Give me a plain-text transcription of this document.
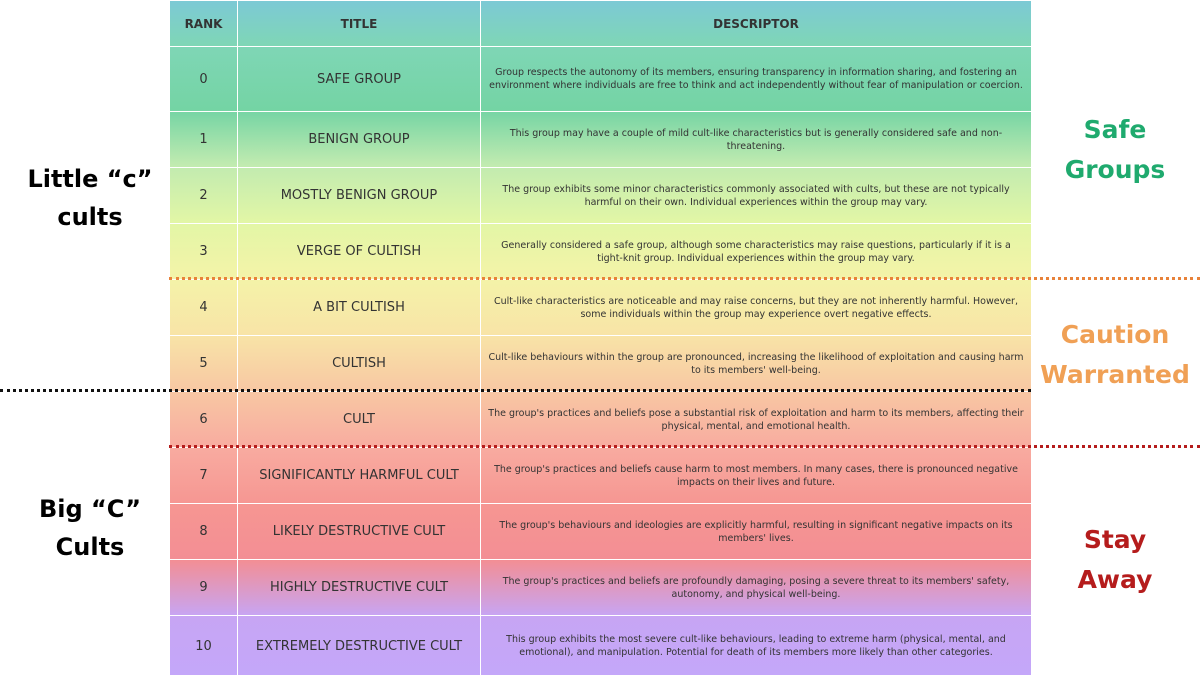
RANK	TITLE	DESCRIPTOR
0	SAFE GROUP	Group respects the autonomy of its members, ensuring transparency in information sharing, and fostering an environment where individuals are free to think and act independently without fear of manipulation or coercion.
1	BENIGN GROUP	This group may have a couple of mild cult-like characteristics but is generally considered safe and non-threatening.
2	MOSTLY BENIGN GROUP	The group exhibits some minor characteristics commonly associated with cults, but these are not typically harmful on their own. Individual experiences within the group may vary.
3	VERGE OF CULTISH	Generally considered a safe group, although some characteristics may raise questions, particularly if it is a tight-knit group. Individual experiences within the group may vary.
4	A BIT CULTISH	Cult-like characteristics are noticeable and may raise concerns, but they are not inherently harmful. However, some individuals within the group may experience overt negative effects.
5	CULTISH	Cult-like behaviours within the group are pronounced, increasing the likelihood of exploitation and causing harm to its members' well-being.
6	CULT	The group's practices and beliefs pose a substantial risk of exploitation and harm to its members, affecting their physical, mental, and emotional health.
7	SIGNIFICANTLY HARMFUL CULT	The group's practices and beliefs cause harm to most members. In many cases, there is pronounced negative impacts on their lives and future.
8	LIKELY DESTRUCTIVE CULT	The group's behaviours and ideologies are explicitly harmful, resulting in significant negative impacts on its members' lives.
9	HIGHLY DESTRUCTIVE CULT	The group's practices and beliefs are profoundly damaging, posing a severe threat to its members' safety, autonomy, and physical well-being.
10	EXTREMELY DESTRUCTIVE CULT	This group exhibits the most severe cult-like behaviours, leading to extreme harm (physical, mental, and emotional), and manipulation. Potential for death of its members more likely than other categories.
Little “c”
cults
Big “C”
Cults
Safe
Groups
Caution
Warranted
Stay
Away
